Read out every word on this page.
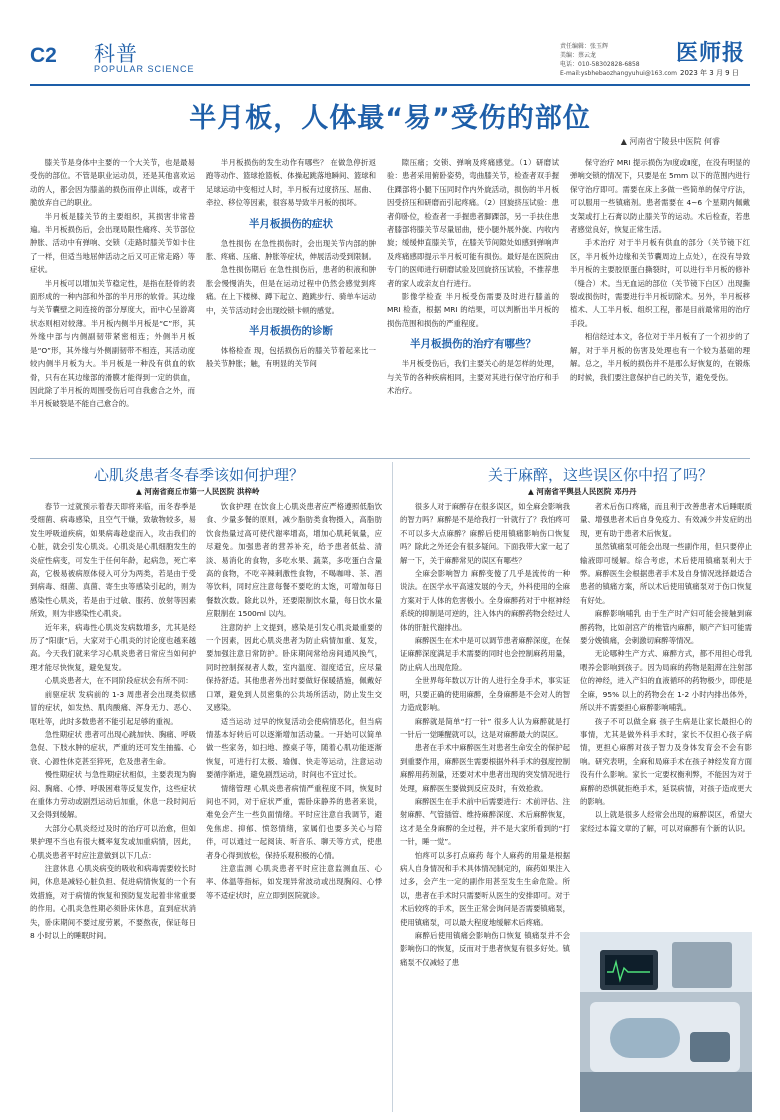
C2 科普
POPULAR SCIENCE
责任编辑：张玉辉
美编：蔡云龙
电话：010-58302828-6858
E-mail:ysbhebaozhangyuhui@163.com
医师报
2023 年 3 月 9 日
半月板，人体最“易”受伤的部位
▲ 河南省宁陵县中医院 何睿

膝关节是身体中主要的一个大关节，也是最易受伤的部位。不管是职业运动员，还是其他喜欢运动的人，都会因为膝盖的损伤而停止训练，或者干脆放弃自己的职业。

半月板是膝关节的主要组织，其损害非常普遍。半月板损伤后，会出现局限性痛疼、关节部位肿胀、活动中有弹响、交锁（走路时膝关节如卡住了一样，但适当地屈伸活动之后又可正常走路）等症状。

半月板可以增加关节稳定性，是指在胫骨的表面形成的一种内部和外部的半月形的软骨。其边缘与关节囊壁之间连接的部分厚度大，而中心呈游离状态则相对较薄。半月板内侧半月板是“C”形，其外缘中部与内侧副韧带紧密相连；外侧半月板是“O”形，其外缘与外侧副韧带不相连，其活动度较内侧半月板为大。半月板是一种没有供血的软骨，只有在其边缘部的滑膜才能得到一定的供血，因此除了半月板的周围受伤后可自我愈合之外，而半月板破裂是不能自己愈合的。

半月板损伤的发生动作有哪些？ 在做急停折返跑等动作、篮球抢篮板、体操起跳落地瞬间、篮球和足球运动中变相过人时，半月板有过度挤压、屈曲、牵拉、移位等因素，很容易导致半月板的损坏。

半月板损伤的症状

急性损伤 在急性损伤时，会出现关节内部的肿胀、疼痛、压痛、肿胀等症状，伸展活动受到限制。

急性损伤期后 在急性损伤后，患者的积液和肿胀会慢慢消失，但是在运动过程中仍然会感觉到疼痛。在上下楼梯、蹲下起立、跑跳步行、骑单车运动中，关节活动时会出现绞锁卡顿的感觉。

半月板损伤的诊断

体格检查 现，包括损伤后的膝关节着起来比一般关节肿胀；触，有明显的关节间

隙压痛；交锁、弹响及疼痛感觉。（1）研磨试验：患者采用俯卧姿势，弯曲膝关节，检查者双手握住踝部将小腿下压同时作内外旋活动，损伤的半月板因受挤压和研磨而引起疼痛。（2）回旋挤压试验：患者仰卧位，检查者一手握患者脚踝部，另一手扶住患者膝部将膝关节尽量屈曲，使小腿外展外旋、内收内旋；缓缓伸直膝关节，在膝关节间隙处如感到弹响声及疼痛感即提示半月板可能有损伤。最好是在医院由专门的医师进行研磨试验及回旋挤压试验，不推荐患者的家人或亲友自行进行。

影像学检查 半月板受伤需要及时进行膝盖的 MRI 检查，根据 MRI 的结果，可以判断出半月板的损伤范围和损伤的严重程度。

半月板损伤的治疗有哪些？

半月板受伤后，我们主要关心的是怎样的处理，与关节的各种疾病相同，主要对其进行保守治疗和手术治疗。

保守治疗 MRI 提示损伤为Ⅰ度或Ⅱ度，在没有明显的弹响交锁的情况下，只要是在 5mm 以下的范围内进行保守治疗即可。需要在床上多做一些简单的保守疗法，可以服用一些镇痛剂。患者需要在 4~6 个星期内佩戴支架或打上石膏以防止膝关节的运动。术后检查，若患者感觉良好，恢复正常生活。

手术治疗 对于半月板有供血的部分（关节镜下红区，半月板外边缘和关节囊周边上点处），在没有导致半月板的主要胶原蛋白撕裂时，可以进行半月板的修补（缝合）术。当无血运的部位（关节镜下白区）出现撕裂或损伤时，需要进行半月板切除术。另外，半月板移植术、人工半月板、组织工程，都是目前最常用的治疗手段。

相信经过本文，各位对于半月板有了一个初步的了解，对于半月板的伤害及处理也有一个较为基础的理解。总之，半月板的损伤并不是那么好恢复的，在锻炼的时候，我们要注意保护自己的关节，避免受伤。

心肌炎患者冬春季该如何护理？
▲ 河南省商丘市第一人民医院 洪梓岭

春节一过就预示着春天即将来临，而冬春季是受细菌、病毒感染，且空气干燥，致敏物较多，易发生呼吸道疾病，如果病毒趁虚而入，攻击我们的心脏，就会引发心肌炎。心肌炎是心肌细胞发生的炎症性病变，可发生于任何年龄，起病急，死亡率高，它极易被病原体侵入可分为两类，若是由于受到病毒、细菌、真菌、寄生虫等感染引起的，则为感染性心肌炎，若是由于过敏、服药、放射等因素所致，则为非感染性心肌炎。

近年来，病毒性心肌炎发病数增多，尤其是经历了“阳康”后，大家对于心肌炎的讨论度也越来越高。今天我们就来学习心肌炎患者日常应当如何护理才能尽快恢复，避免复发。

心肌炎患者大，在不同阶段症状会有所不同：

前驱症状 发病前的 1-3 周患者会出现类似感冒的症状，如发热、肌肉酸痛、浑身无力、恶心、呕吐等，此时多数患者不能引起足够的重视。

急性期症状 患者可出现心跳加快、胸痛、呼吸急促、下肢水肿的症状，严重的还可发生抽搐、心衰、心源性休克甚至猝死，危及患者生命。

慢性期症状 与急性期症状相似，主要表现为胸闷、胸痛、心悸、呼吸困难等反复发作，这些症状在重体力劳动或剧烈运动后加重，休息一段时间后又会得到缓解。

大部分心肌炎经过及时的治疗可以治愈，但如果护理不当也有很大概率复发或加重病情，因此，心肌炎患者平时应注意做到以下几点：

注意休息 心肌炎病变的吸收和病毒需要较长时间，休息是减轻心脏负担、促进病情恢复的一个有效措施，对于病情的恢复和预防复发起着非常重要的作用。心肌炎急性期必须卧床休息，直到症状消失，卧床期间不要过度劳累，不要熬夜，保证每日 8 小时以上的睡眠时间。

饮食护理 在饮食上心肌炎患者应严格遵照低脂饮食、少量多餐的原则，减少脂肪类食物摄入，高脂肪饮食热量过高可使代谢率增高，增加心肌耗氧量，应尽避免。加强患者的营养补充，给予患者低盐、清淡、易消化的食物，多吃水果、蔬菜，多吃蛋白含量高的食物，不吃辛辣刺激性食物，不喝咖啡、茶、酒等饮料，同时应注意每餐不要吃的太饱，可增加每日餐数次数。除此以外，还要限制饮水量，每日饮水量应限制在 1500ml 以内。

注意防护 上文提到，感染是引发心肌炎最重要的一个因素，因此心肌炎患者为防止病情加重、复发，要加强注意日常防护。卧床期间常给房间通风换气，同时控制探视者人数，室内温度、湿度适宜，应尽量保持舒适。其他患者外出时要做好保暖措施，佩戴好口罩，避免到人员密集的公共场所活动，防止发生交叉感染。

适当运动 过早的恢复活动会使病情恶化，但当病情基本好转后可以逐渐增加活动量。一开始可以简单做一些家务，如扫地、擦桌子等，随着心肌功能逐渐恢复，可进行打太极、瑜伽、快走等运动，注意运动要循序渐进，避免剧烈运动，时间也不宜过长。

情绪管理 心肌炎患者病情严重程度不同，恢复时间也不同，对于症状严重，需卧床静养的患者来说，难免会产生一些负面情绪。平时应注意自我调节，避免焦虑、抑郁、愤怒情绪，家属们也要多关心与陪伴，可以通过一起阅读、听音乐、聊天等方式，使患者身心得到放松，保持乐观积极的心情。

注意监测 心肌炎患者平时应注意监测血压、心率、体温等指标，如发现异常波动或出现胸闷、心悸等不适症状时，应立即到医院就诊。

关于麻醉，这些误区你中招了吗？
▲ 河南省平舆县人民医院 邓丹丹

很多人对于麻醉存在很多误区，如全麻会影响我的智力吗？麻醉是不是给我打一针就行了？我怕疼可不可以多大点麻醉？麻醉后使用镇痛影响伤口恢复吗？除此之外还会有很多疑问。下面我带大家一起了解一下，关于麻醉常见的误区有哪些？

全麻会影响智力 麻醉变傻了几乎是流传的一种说法。在医学水平高速发展的今天，外科使用的全麻方案对于人体的危害极小。全身麻醉药对于中枢神经系统的抑制是可逆的，注入体内的麻醉药物会经过人体的肝脏代谢排出。

麻醉医生在术中是可以调节患者麻醉深度，在保证麻醉深度满足手术需要的同时也会控制麻药用量，防止病人出现危险。

全世界每年数以万计的人进行全身手术，事实证明，只要正确的使用麻醉，全身麻醉是不会对人的智力造成影响。

麻醉就是简单“打一针” 很多人认为麻醉就是打一针后一觉睡醒就可以，这是对麻醉最大的误区。

患者在手术中麻醉医生对患者生命安全的保护起到重要作用，麻醉医生需要根据外科手术的强度控制麻醉用药剂量，还要对术中患者出现的突发情况进行处理，麻醉医生要做到反应及时，有效抢救。

麻醉医生在手术前中后需要进行：术前评估、注射麻醉、气管插管、维持麻醉深度、术后麻醉恢复，这才是全身麻醉的全过程，并不是大家所看到的“打一针，睡一觉”。

怕疼可以多打点麻药 每个人麻药的用量是根据病人自身情况和手术具体情况制定的，麻药如果注入过多，会产生一定的副作用甚至发生生命危险。所以，患者在手术时只需要听从医生的安排即可。对于术后较疼的手术，医生正常会询问是否需要镇痛泵，使用镇痛泵，可以最大程度地缓解术后疼痛。

麻醉后使用镇痛会影响伤口恢复 镇痛泵并不会影响伤口的恢复，反而对于患者恢复有很多好处。镇痛泵不仅减轻了患

者术后伤口疼痛，而且利于改善患者术后睡眠质量、增强患者术后自身免疫力、有效减少并发症的出现，更有助于患者术后恢复。

虽然镇痛泵可能会出现一些副作用，但只要停止输液即可缓解。综合考虑，术后使用镇痛泵利大于弊。麻醉医生会根据患者手术及自身情况选择最适合患者的镇痛方案，所以术后使用镇痛泵对于伤口恢复有好处。

麻醉影响哺乳 由于生产时产妇可能会接触到麻醉药物，比如剖宫产的椎管内麻醉，顺产产妇可能需要分娩镇痛，会刺激切麻醉等情况。

无论哪种生产方式、麻醉方式，都不用担心母乳喂养会影响到孩子。因为局麻的药物是阻滞在注射部位的神经，进入产妇的血液循环的药物极少，即使是全麻，95% 以上的药物会在 1-2 小时内排出体外，所以并不需要担心麻醉影响哺乳。

孩子不可以做全麻 孩子生病是让家长最担心的事情，尤其是做外科手术时，家长不仅担心孩子病情，更担心麻醉对孩子智力及身体发育会不会有影响。研究表明，全麻和局麻手术在孩子神经发育方面没有什么影响。家长一定要权衡利弊，不能因为对于麻醉的恐惧就拒绝手术，延误病情，对孩子造成更大的影响。

以上就是很多人经常会出现的麻醉误区，希望大家经过本篇文章的了解，可以对麻醉有个新的认识。
